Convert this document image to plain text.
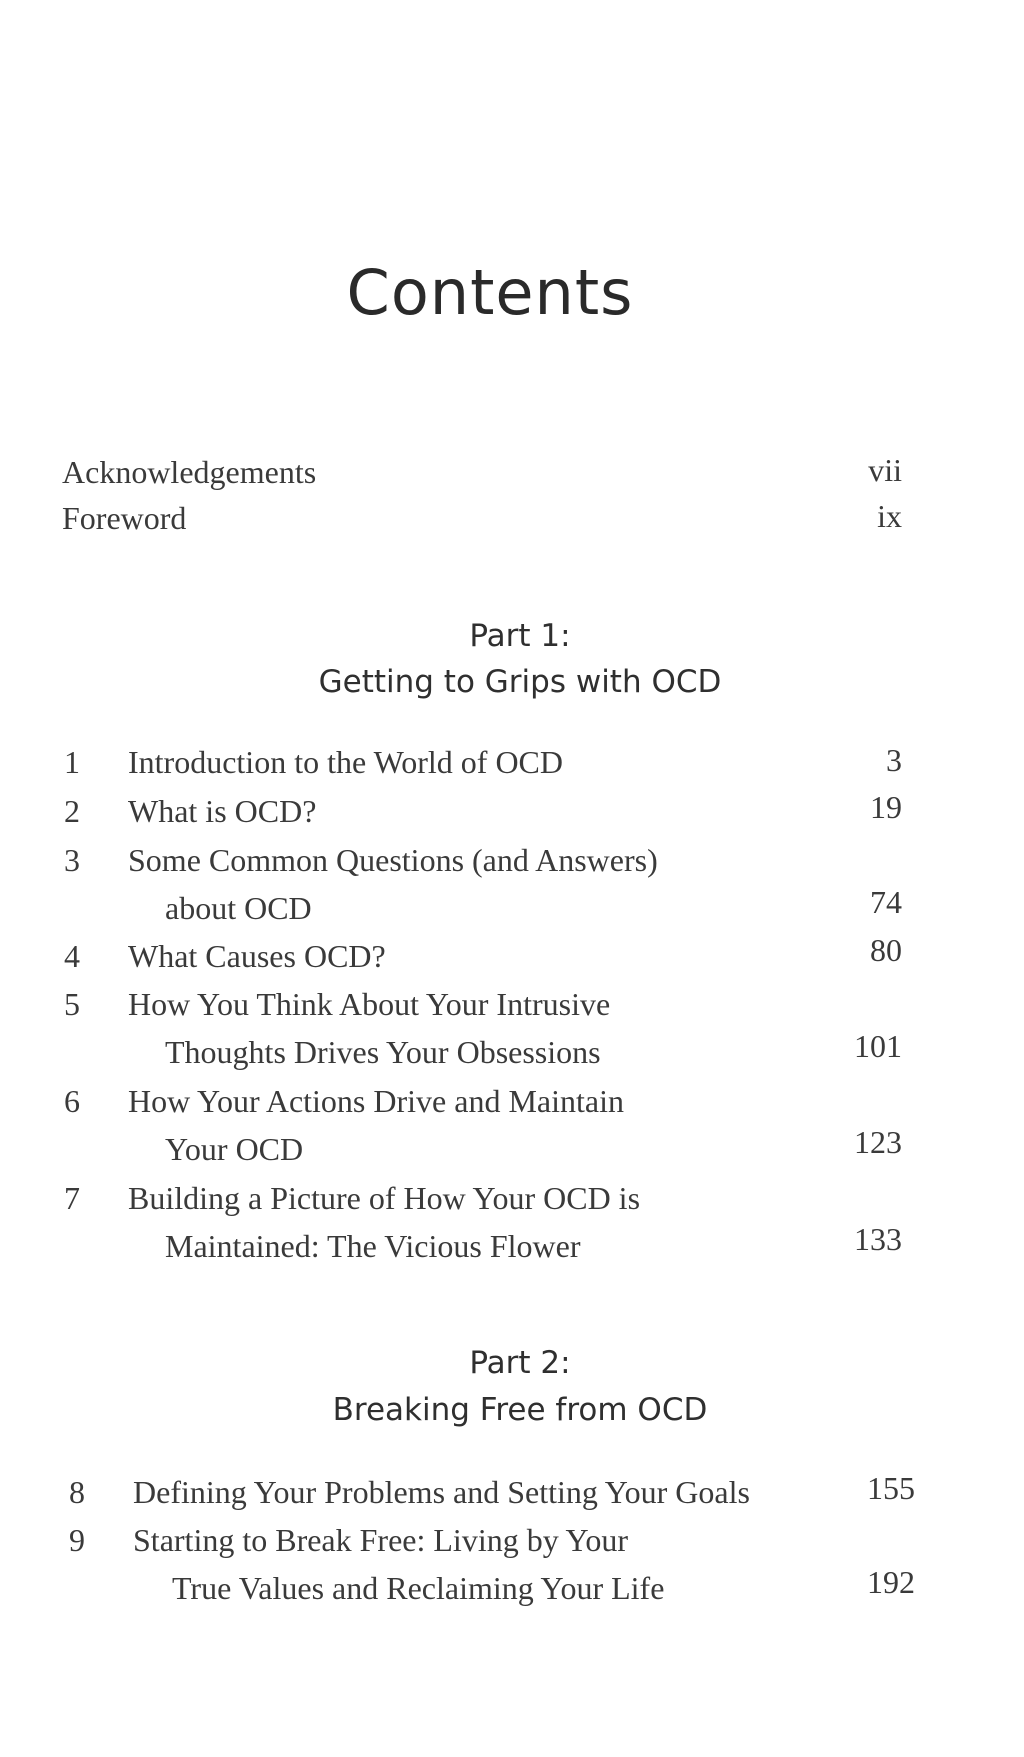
Contents
Acknowledgements	vii
Foreword	ix
Part 1:
Getting to Grips with OCD
1 Introduction to the World of OCD	3
2 What is OCD?	19
3 Some Common Questions (and Answers)
about OCD	74
4 What Causes OCD?	80
5 How You Think About Your Intrusive
Thoughts Drives Your Obsessions	101
6 How Your Actions Drive and Maintain
Your OCD	123
7 Building a Picture of How Your OCD is
Maintained: The Vicious Flower	133
Part 2:
Breaking Free from OCD
8 Defining Your Problems and Setting Your Goals	155
9 Starting to Break Free: Living by Your
True Values and Reclaiming Your Life	192
